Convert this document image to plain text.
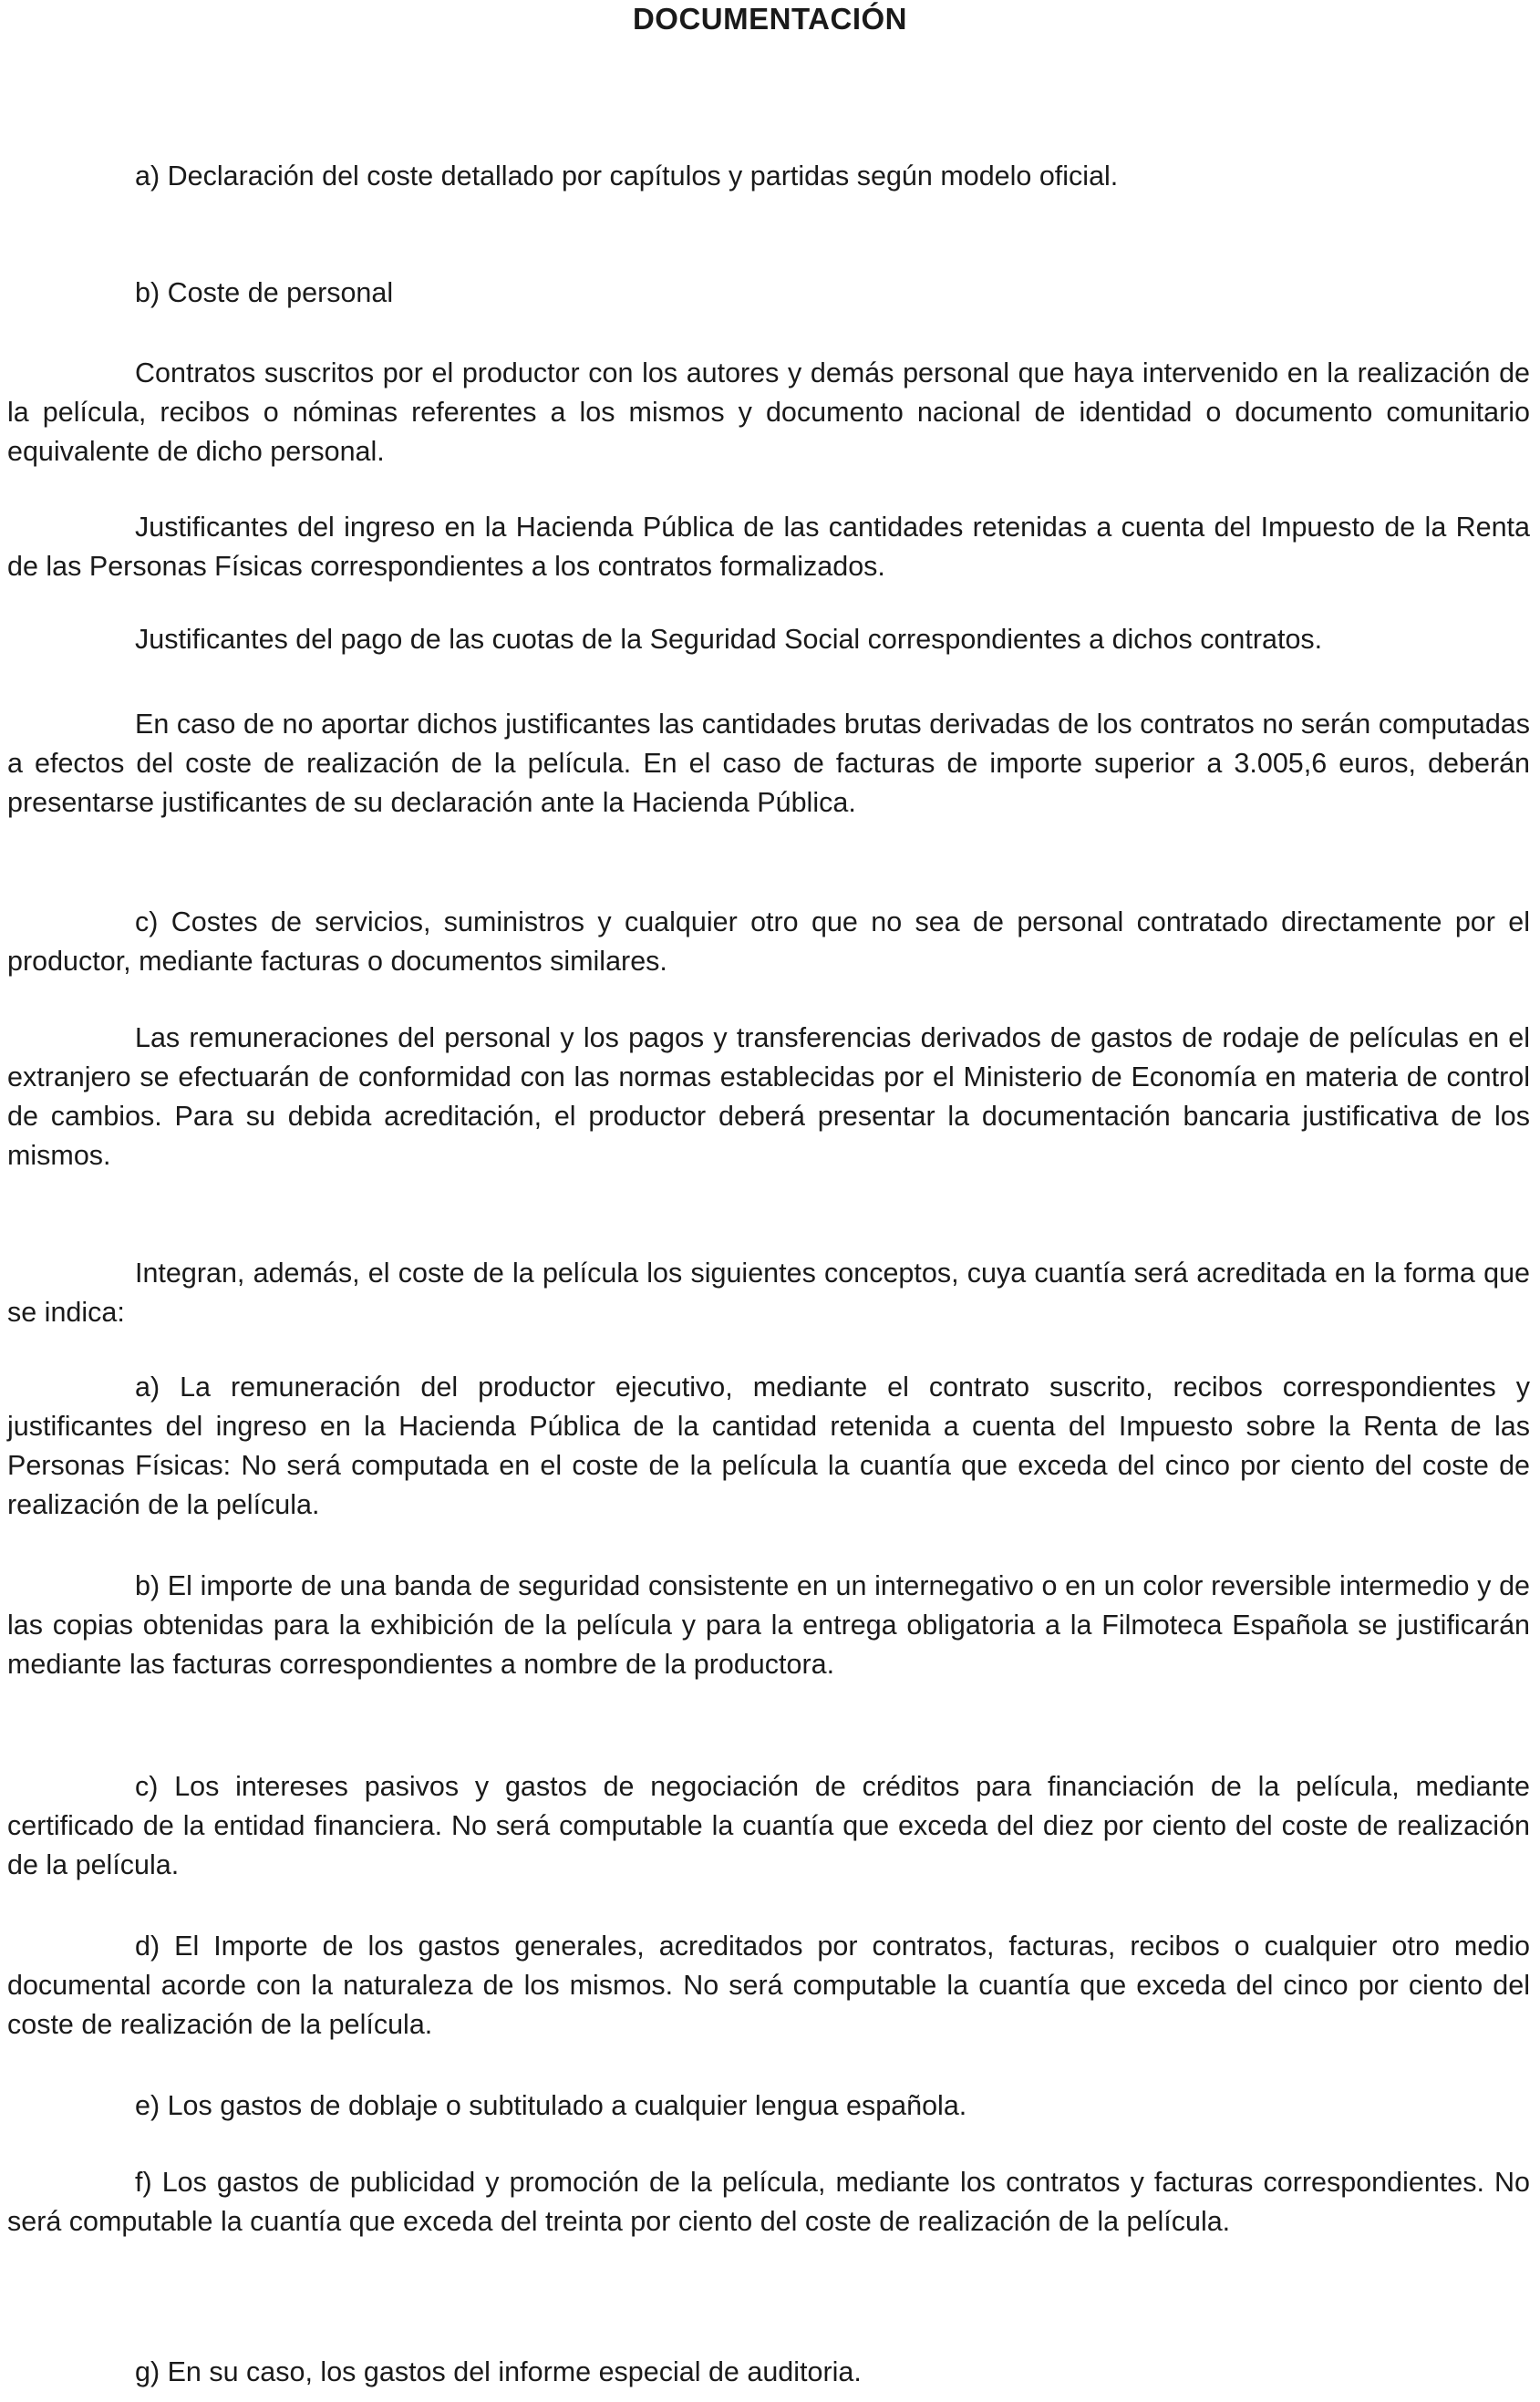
DOCUMENTACIÓN

a) Declaración del coste detallado por capítulos y partidas según modelo oficial.

b) Coste de personal

Contratos suscritos por el productor con los autores y demás personal que haya intervenido en la realización de la película, recibos o nóminas referentes a los mismos y documento nacional de identidad o documento comunitario equivalente de dicho personal.

Justificantes del ingreso en la Hacienda Pública de las cantidades retenidas a cuenta del Impuesto de la Renta de las Personas Físicas correspondientes a los contratos formalizados.

Justificantes del pago de las cuotas de la Seguridad Social correspondientes a dichos contratos.

En caso de no aportar dichos justificantes las cantidades brutas derivadas de los contratos no serán computadas a efectos del coste de realización de la película. En el caso de facturas de importe superior a 3.005,6 euros, deberán presentarse justificantes de su declaración ante la Hacienda Pública.

c) Costes de servicios, suministros y cualquier otro que no sea de personal contratado directamente por el productor, mediante facturas o documentos similares.

Las remuneraciones del personal y los pagos y transferencias derivados de gastos de rodaje de películas en el extranjero se efectuarán de conformidad con las normas establecidas por el Ministerio de Economía en materia de control de cambios. Para su debida acreditación, el productor deberá presentar la documentación bancaria justificativa de los mismos.

Integran, además, el coste de la película los siguientes conceptos, cuya cuantía será acreditada en la forma que se indica:

a) La remuneración del productor ejecutivo, mediante el contrato suscrito, recibos correspondientes y justificantes del ingreso en la Hacienda Pública de la cantidad retenida a cuenta del Impuesto sobre la Renta de las Personas Físicas: No será computada en el coste de la película la cuantía que exceda del cinco por ciento del coste de realización de la película.

b) El importe de una banda de seguridad consistente en un internegativo o en un color reversible intermedio y de las copias obtenidas para la exhibición de la película y para la entrega obligatoria a la Filmoteca Española se justificarán mediante las facturas correspondientes a nombre de la productora.

c) Los intereses pasivos y gastos de negociación de créditos para financiación de la película, mediante certificado de la entidad financiera. No será computable la cuantía que exceda del diez por ciento del coste de realización de la película.

d) El Importe de los gastos generales, acreditados por contratos, facturas, recibos o cualquier otro medio documental acorde con la naturaleza de los mismos. No será computable la cuantía que exceda del cinco por ciento del coste de realización de la película.

e) Los gastos de doblaje o subtitulado a cualquier lengua española.

f) Los gastos de publicidad y promoción de la película, mediante los contratos y facturas correspondientes. No será computable la cuantía que exceda del treinta por ciento del coste de realización de la película.

g) En su caso, los gastos del informe especial de auditoria.
